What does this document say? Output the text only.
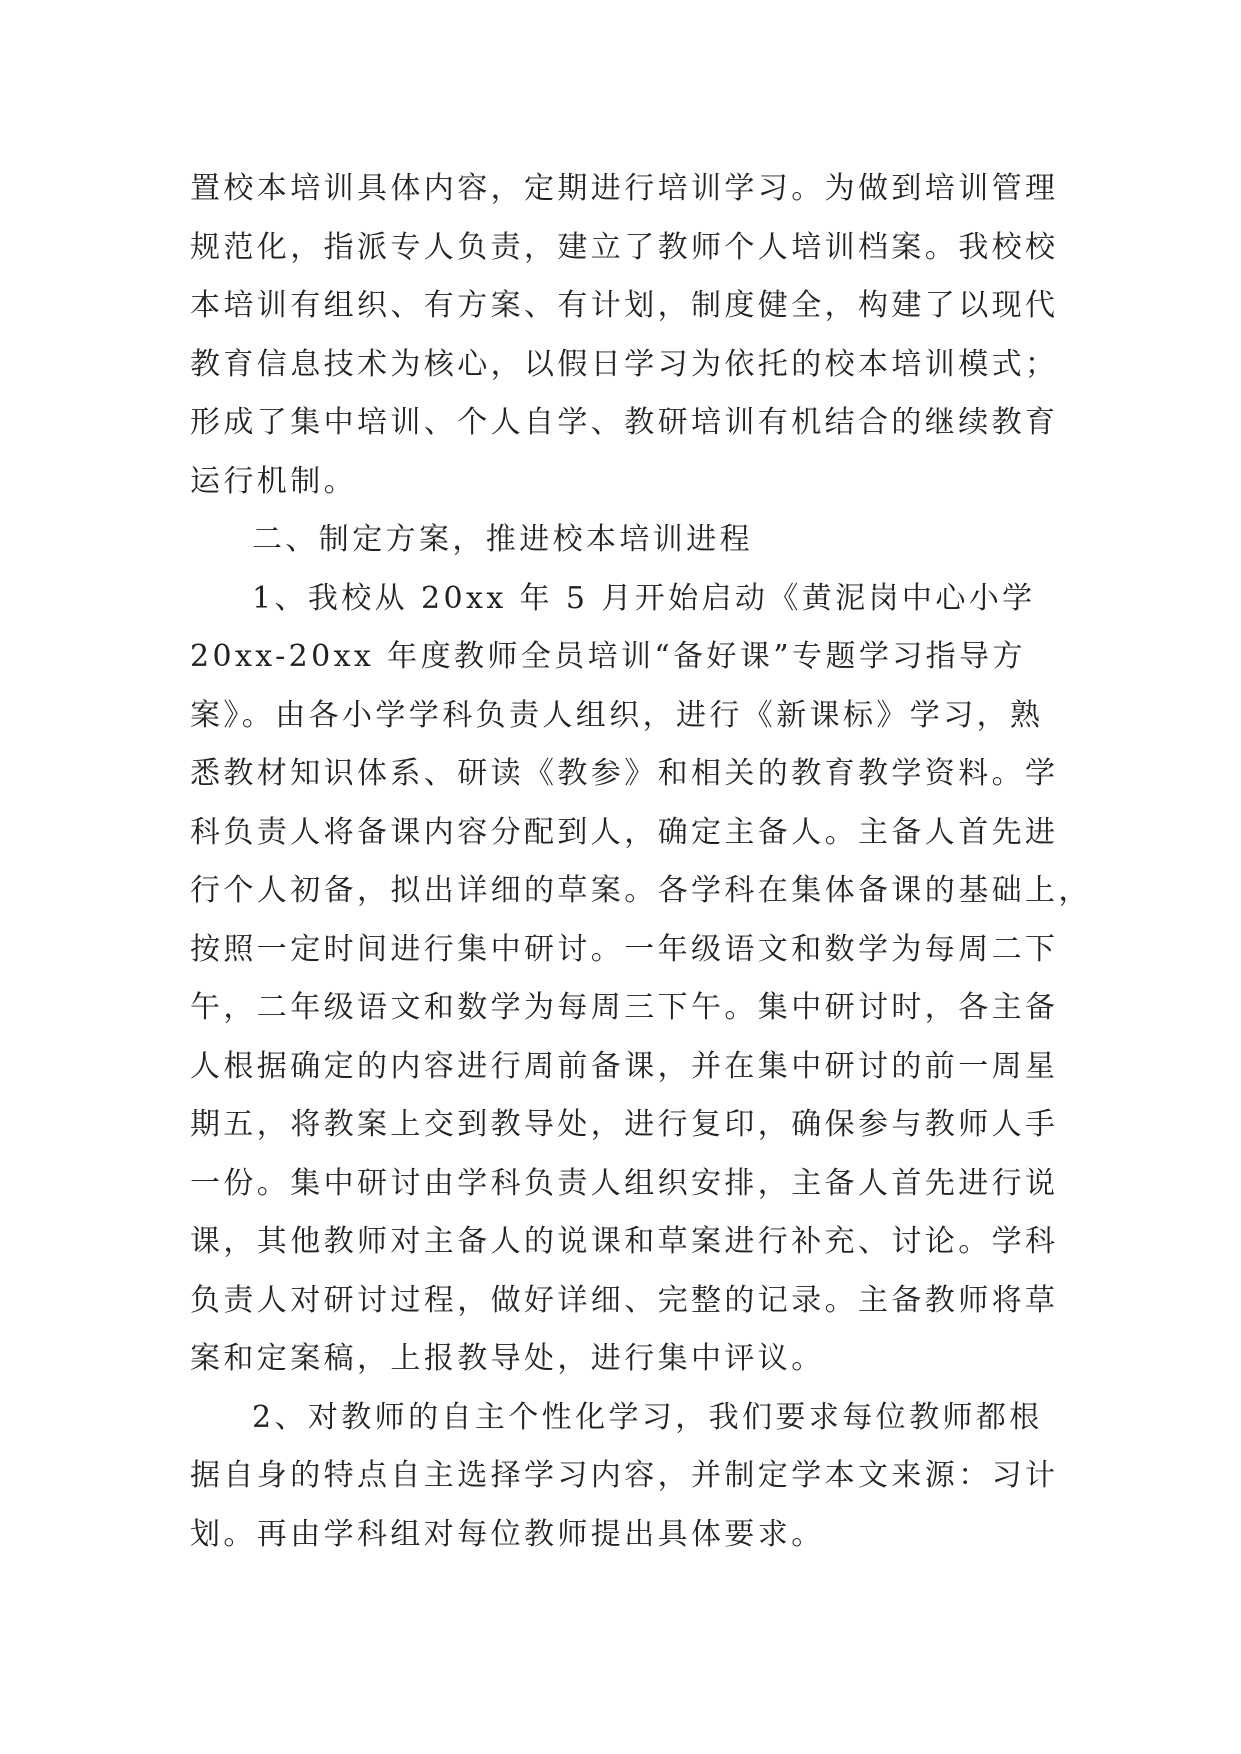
置校本培训具体内容，定期进行培训学习。为做到培训管理
规范化，指派专人负责，建立了教师个人培训档案。我校校
本培训有组织、有方案、有计划，制度健全，构建了以现代
教育信息技术为核心，以假日学习为依托的校本培训模式；
形成了集中培训、个人自学、教研培训有机结合的继续教育
运行机制。
二、制定方案，推进校本培训进程
1、我校从 20xx 年 5 月开始启动《黄泥岗中心小学
20xx-20xx 年度教师全员培训“备好课”专题学习指导方
案》。由各小学学科负责人组织，进行《新课标》学习，熟
悉教材知识体系、研读《教参》和相关的教育教学资料。学
科负责人将备课内容分配到人，确定主备人。主备人首先进
行个人初备，拟出详细的草案。各学科在集体备课的基础上，
按照一定时间进行集中研讨。一年级语文和数学为每周二下
午，二年级语文和数学为每周三下午。集中研讨时，各主备
人根据确定的内容进行周前备课，并在集中研讨的前一周星
期五，将教案上交到教导处，进行复印，确保参与教师人手
一份。集中研讨由学科负责人组织安排，主备人首先进行说
课，其他教师对主备人的说课和草案进行补充、讨论。学科
负责人对研讨过程，做好详细、完整的记录。主备教师将草
案和定案稿，上报教导处，进行集中评议。
2、对教师的自主个性化学习，我们要求每位教师都根
据自身的特点自主选择学习内容，并制定学本文来源：习计
划。再由学科组对每位教师提出具体要求。
